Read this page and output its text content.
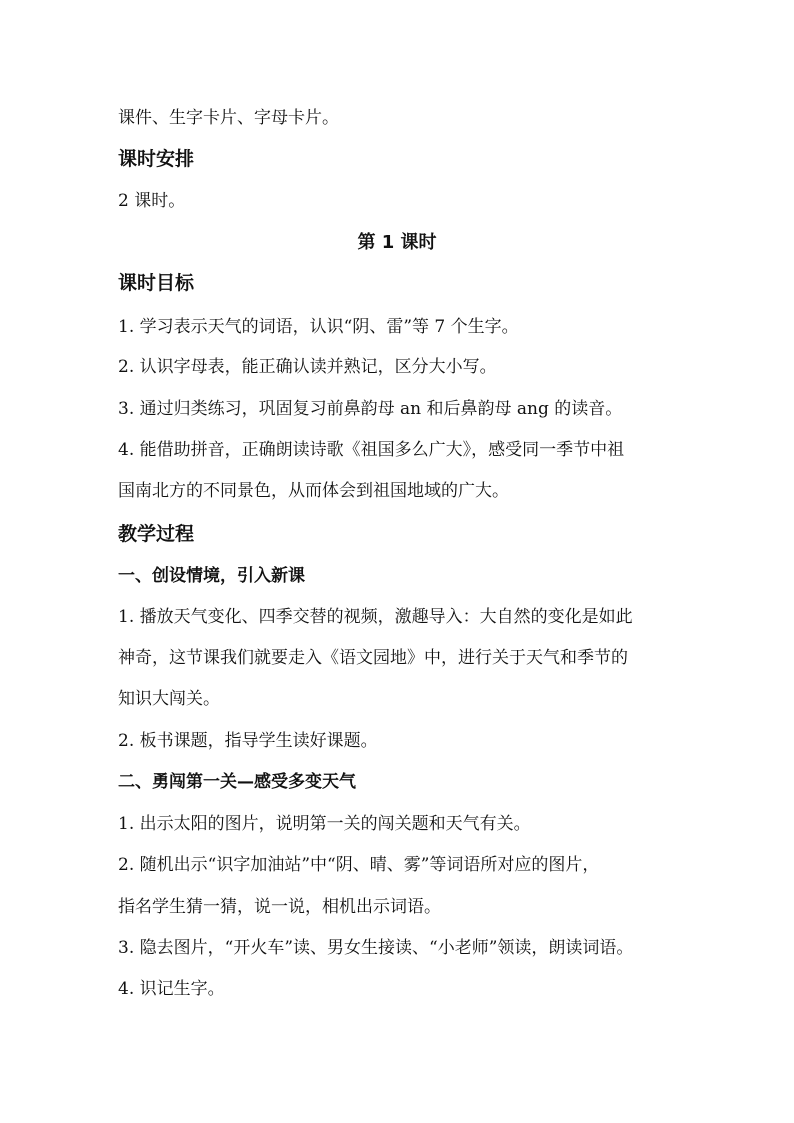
课件、生字卡片、字母卡片。
课时安排
2 课时。
第 1 课时
课时目标
1. 学习表示天气的词语，认识“阴、雷”等 7 个生字。
2. 认识字母表，能正确认读并熟记，区分大小写。
3. 通过归类练习，巩固复习前鼻韵母 an 和后鼻韵母 ang 的读音。
4. 能借助拼音，正确朗读诗歌《祖国多么广大》，感受同一季节中祖
国南北方的不同景色，从而体会到祖国地域的广大。
教学过程
一、创设情境，引入新课
1. 播放天气变化、四季交替的视频，激趣导入：大自然的变化是如此
神奇，这节课我们就要走入《语文园地》中，进行关于天气和季节的
知识大闯关。
2. 板书课题，指导学生读好课题。
二、勇闯第一关—感受多变天气
1. 出示太阳的图片，说明第一关的闯关题和天气有关。
2. 随机出示“识字加油站”中“阴、晴、雾”等词语所对应的图片，
指名学生猜一猜，说一说，相机出示词语。
3. 隐去图片，“开火车”读、男女生接读、“小老师”领读，朗读词语。
4. 识记生字。
